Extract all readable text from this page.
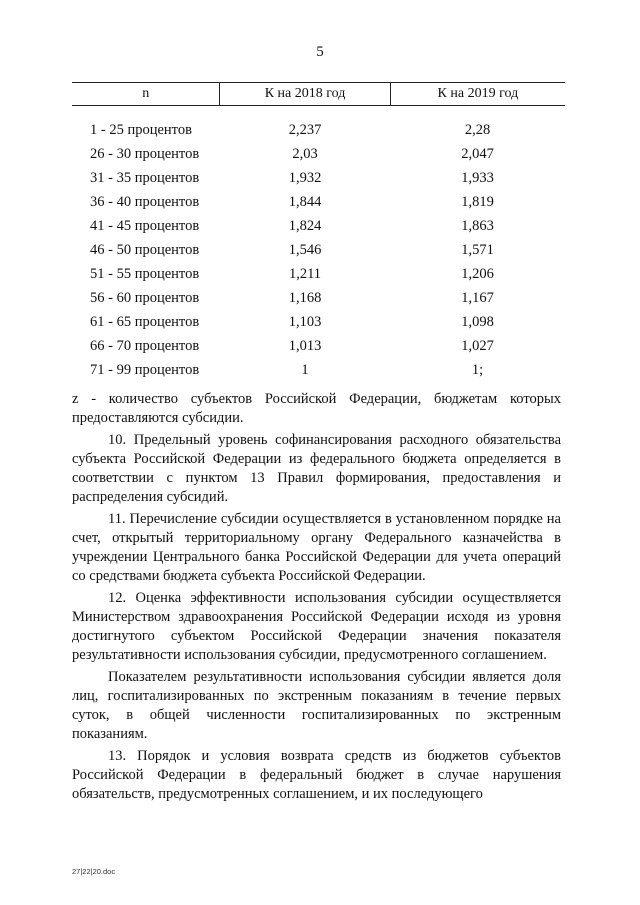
5
n	К на 2018 год	К на 2019 год
1 - 25 процентов	2,237	2,28
26 - 30 процентов	2,03	2,047
31 - 35 процентов	1,932	1,933
36 - 40 процентов	1,844	1,819
41 - 45 процентов	1,824	1,863
46 - 50 процентов	1,546	1,571
51 - 55 процентов	1,211	1,206
56 - 60 процентов	1,168	1,167
61 - 65 процентов	1,103	1,098
66 - 70 процентов	1,013	1,027
71 - 99 процентов	1	1;

z - количество субъектов Российской Федерации, бюджетам которых предоставляются субсидии.

10. Предельный уровень софинансирования расходного обязательства субъекта Российской Федерации из федерального бюджета определяется в соответствии с пунктом 13 Правил формирования, предоставления и распределения субсидий.

11. Перечисление субсидии осуществляется в установленном порядке на счет, открытый территориальному органу Федерального казначейства в учреждении Центрального банка Российской Федерации для учета операций со средствами бюджета субъекта Российской Федерации.

12. Оценка эффективности использования субсидии осуществляется Министерством здравоохранения Российской Федерации исходя из уровня достигнутого субъектом Российской Федерации значения показателя результативности использования субсидии, предусмотренного соглашением.

Показателем результативности использования субсидии является доля лиц, госпитализированных по экстренным показаниям в течение первых суток, в общей численности госпитализированных по экстренным показаниям.

13. Порядок и условия возврата средств из бюджетов субъектов Российской Федерации в федеральный бюджет в случае нарушения обязательств, предусмотренных соглашением, и их последующего

27|22|20.doc
